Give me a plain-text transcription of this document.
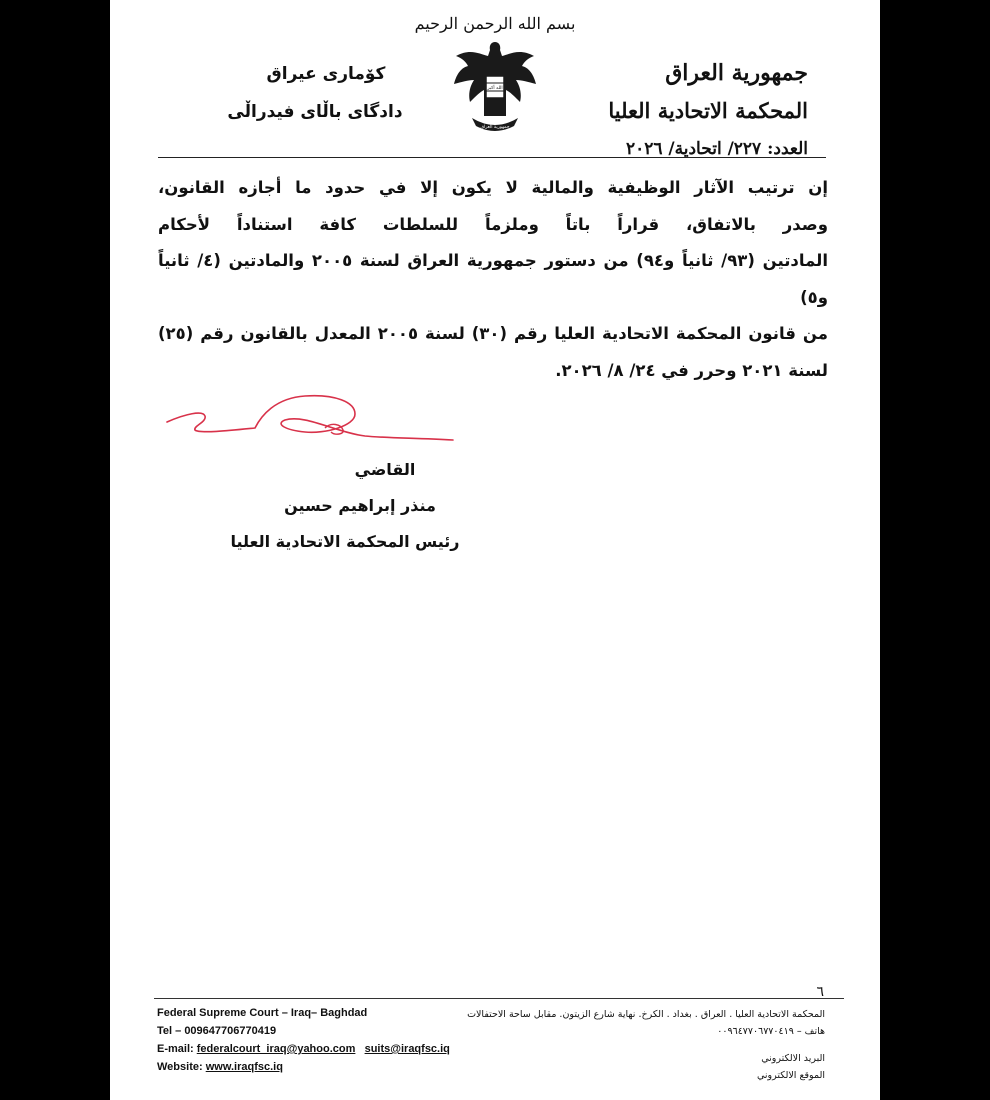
بسم الله الرحمن الرحيم
جمهورية العراق
المحكمة الاتحادية العليا
العدد: ٢٢٧/ اتحادية/ ٢٠٢٦
الله أكبر
جمهورية العراق
كۆمارى عيراق
دادگاى باڵاى فيدراڵى
إن ترتيب الآثار الوظيفية والمالية لا يكون إلا في حدود ما أجازه القانون،
وصدر بالاتفاق، قراراً باتاً وملزماً للسلطات كافة استناداً لأحكام
المادتين (٩٣/ ثانياً و٩٤) من دستور جمهورية العراق لسنة ٢٠٠٥ والمادتين (٤/ ثانياً و٥)
من قانون المحكمة الاتحادية العليا رقم (٣٠) لسنة ٢٠٠٥ المعدل بالقانون رقم (٢٥)
لسنة ٢٠٢١ وحرر في ٢٤/ ٨/ ٢٠٢٦.
القاضي
منذر إبراهيم حسين
رئيس المحكمة الاتحادية العليا
٦
Federal Supreme Court – Iraq– Baghdad
Tel – 009647706770419
E-mail: federalcourt_iraq@yahoo.com suits@iraqfsc.iq
Website: www.iraqfsc.iq
المحكمة الاتحادية العليا . العراق . بغداد . الكرخ. نهاية شارع الزيتون. مقابل ساحة الاحتفالات
هاتف – ٠٠٩٦٤٧٧٠٦٧٧٠٤١٩
البريد الالكتروني
الموقع الالكتروني
